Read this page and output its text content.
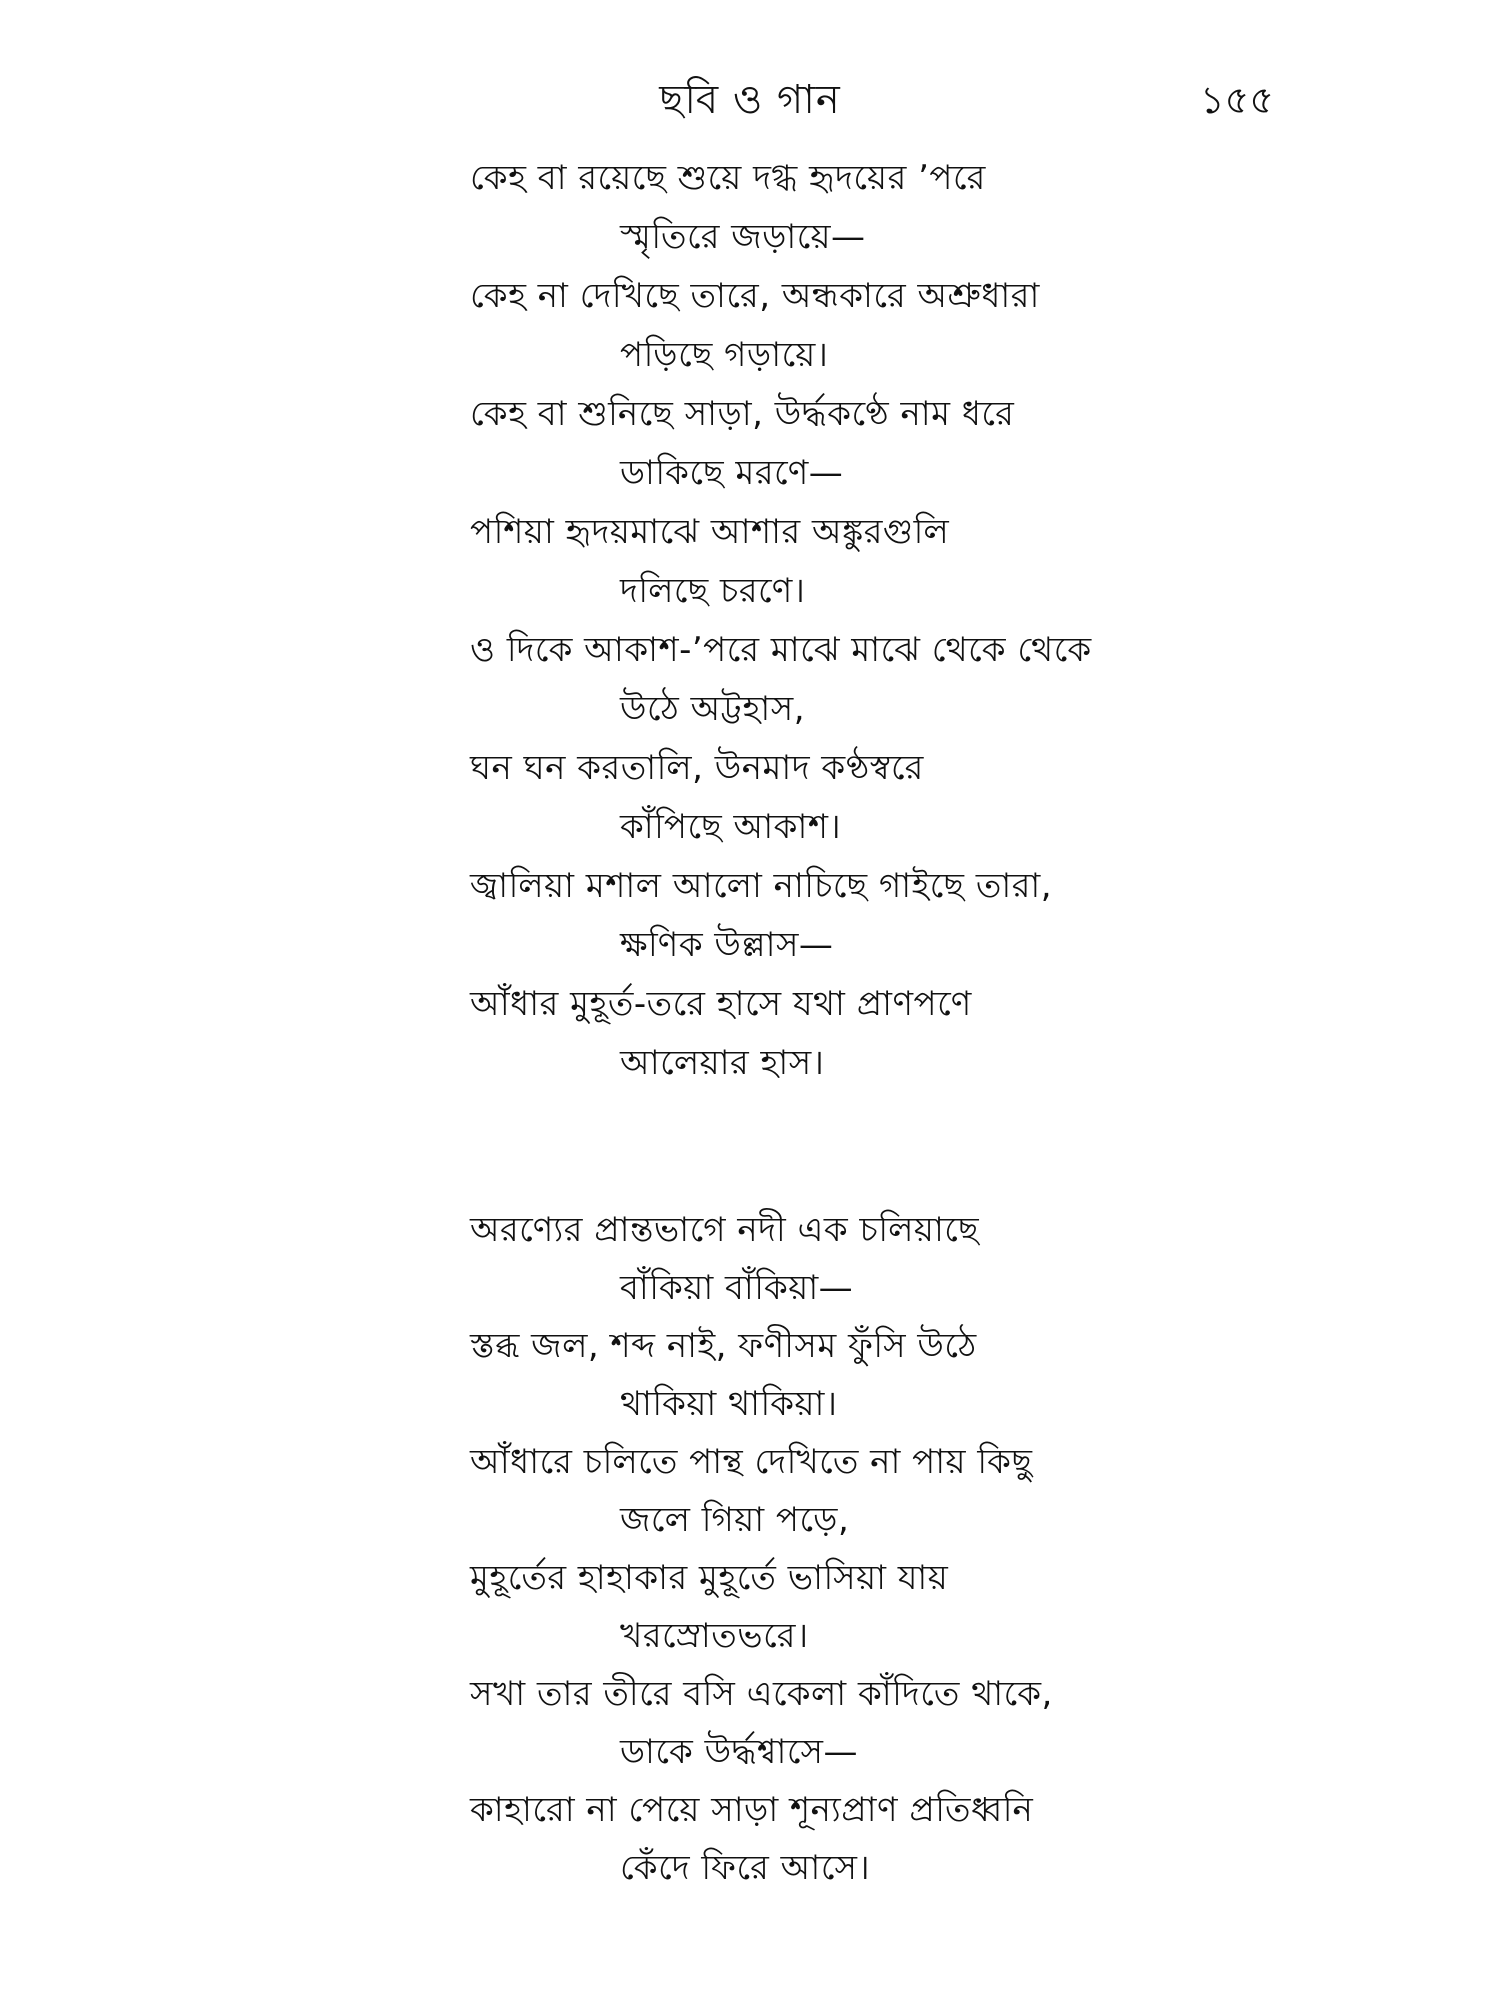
ছবি ও গান	১৫৫
কেহ বা রয়েছে শুয়ে দগ্ধ হৃদয়ের ’পরে
স্মৃতিরে জড়ায়ে—
কেহ না দেখিছে তারে, অন্ধকারে অশ্রুধারা
পড়িছে গড়ায়ে।
কেহ বা শুনিছে সাড়া, উর্দ্ধকণ্ঠে নাম ধরে
ডাকিছে মরণে—
পশিয়া হৃদয়মাঝে আশার অঙ্কুরগুলি
দলিছে চরণে।
ও দিকে আকাশ-’পরে মাঝে মাঝে থেকে থেকে
উঠে অট্টহাস,
ঘন ঘন করতালি, উনমাদ কণ্ঠস্বরে
কাঁপিছে আকাশ।
জ্বালিয়া মশাল আলো নাচিছে গাইছে তারা,
ক্ষণিক উল্লাস—
আঁধার মুহূর্ত-তরে হাসে যথা প্রাণপণে
আলেয়ার হাস।
অরণ্যের প্রান্তভাগে নদী এক চলিয়াছে
বাঁকিয়া বাঁকিয়া—
স্তব্ধ জল, শব্দ নাই, ফণীসম ফুঁসি উঠে
থাকিয়া থাকিয়া।
আঁধারে চলিতে পান্থ দেখিতে না পায় কিছু
জলে গিয়া পড়ে,
মুহূর্তের হাহাকার মুহূর্তে ভাসিয়া যায়
খরস্রোতভরে।
সখা তার তীরে বসি একেলা কাঁদিতে থাকে,
ডাকে উর্দ্ধশ্বাসে—
কাহারো না পেয়ে সাড়া শূন্যপ্রাণ প্রতিধ্বনি
কেঁদে ফিরে আসে।
